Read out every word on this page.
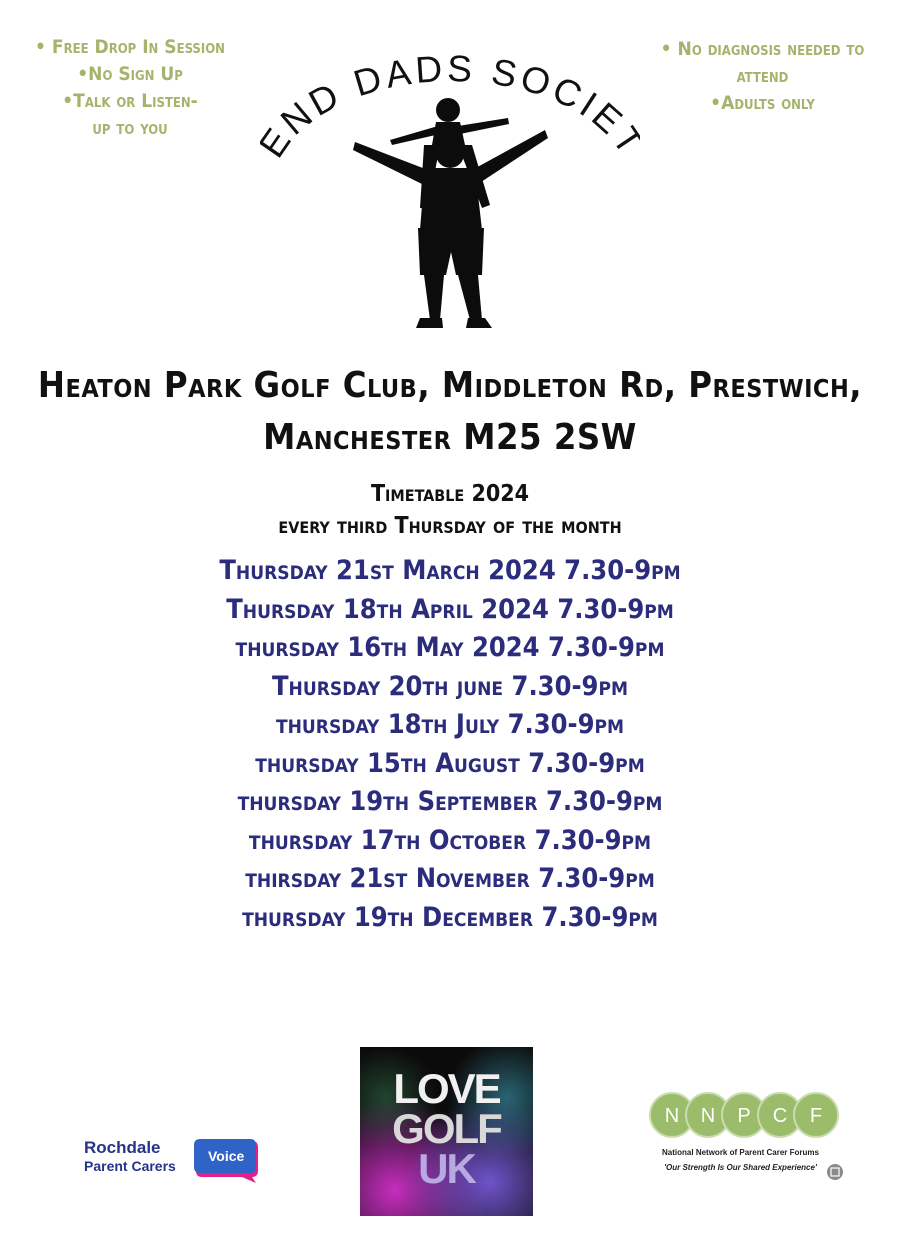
• Free Drop In Session
•No Sign Up
•Talk or Listen-
up to you
• No diagnosis needed to
attend
•Adults only
ND DADS SOCIE
Heaton Park Golf Club, Middleton Rd, Prestwich,
Manchester M25 2SW
Timetable 2024
every third Thursday of the month
Thursday 21st March 2024 7.30-9pm
Thursday 18th April 2024 7.30-9pm
thursday 16th May 2024 7.30-9pm
Thursday 20th june 7.30-9pm
thursday 18th July 7.30-9pm
thursday 15th August 7.30-9pm
thursday 19th September 7.30-9pm
thursday 17th October 7.30-9pm
thirsday 21st November 7.30-9pm
thursday 19th December 7.30-9pm
Rochdale
Parent Carers
Voice
LOVE
GOLF
UK
N N P C F
National Network of Parent Carer Forums
'Our Strength Is Our Shared Experience'
